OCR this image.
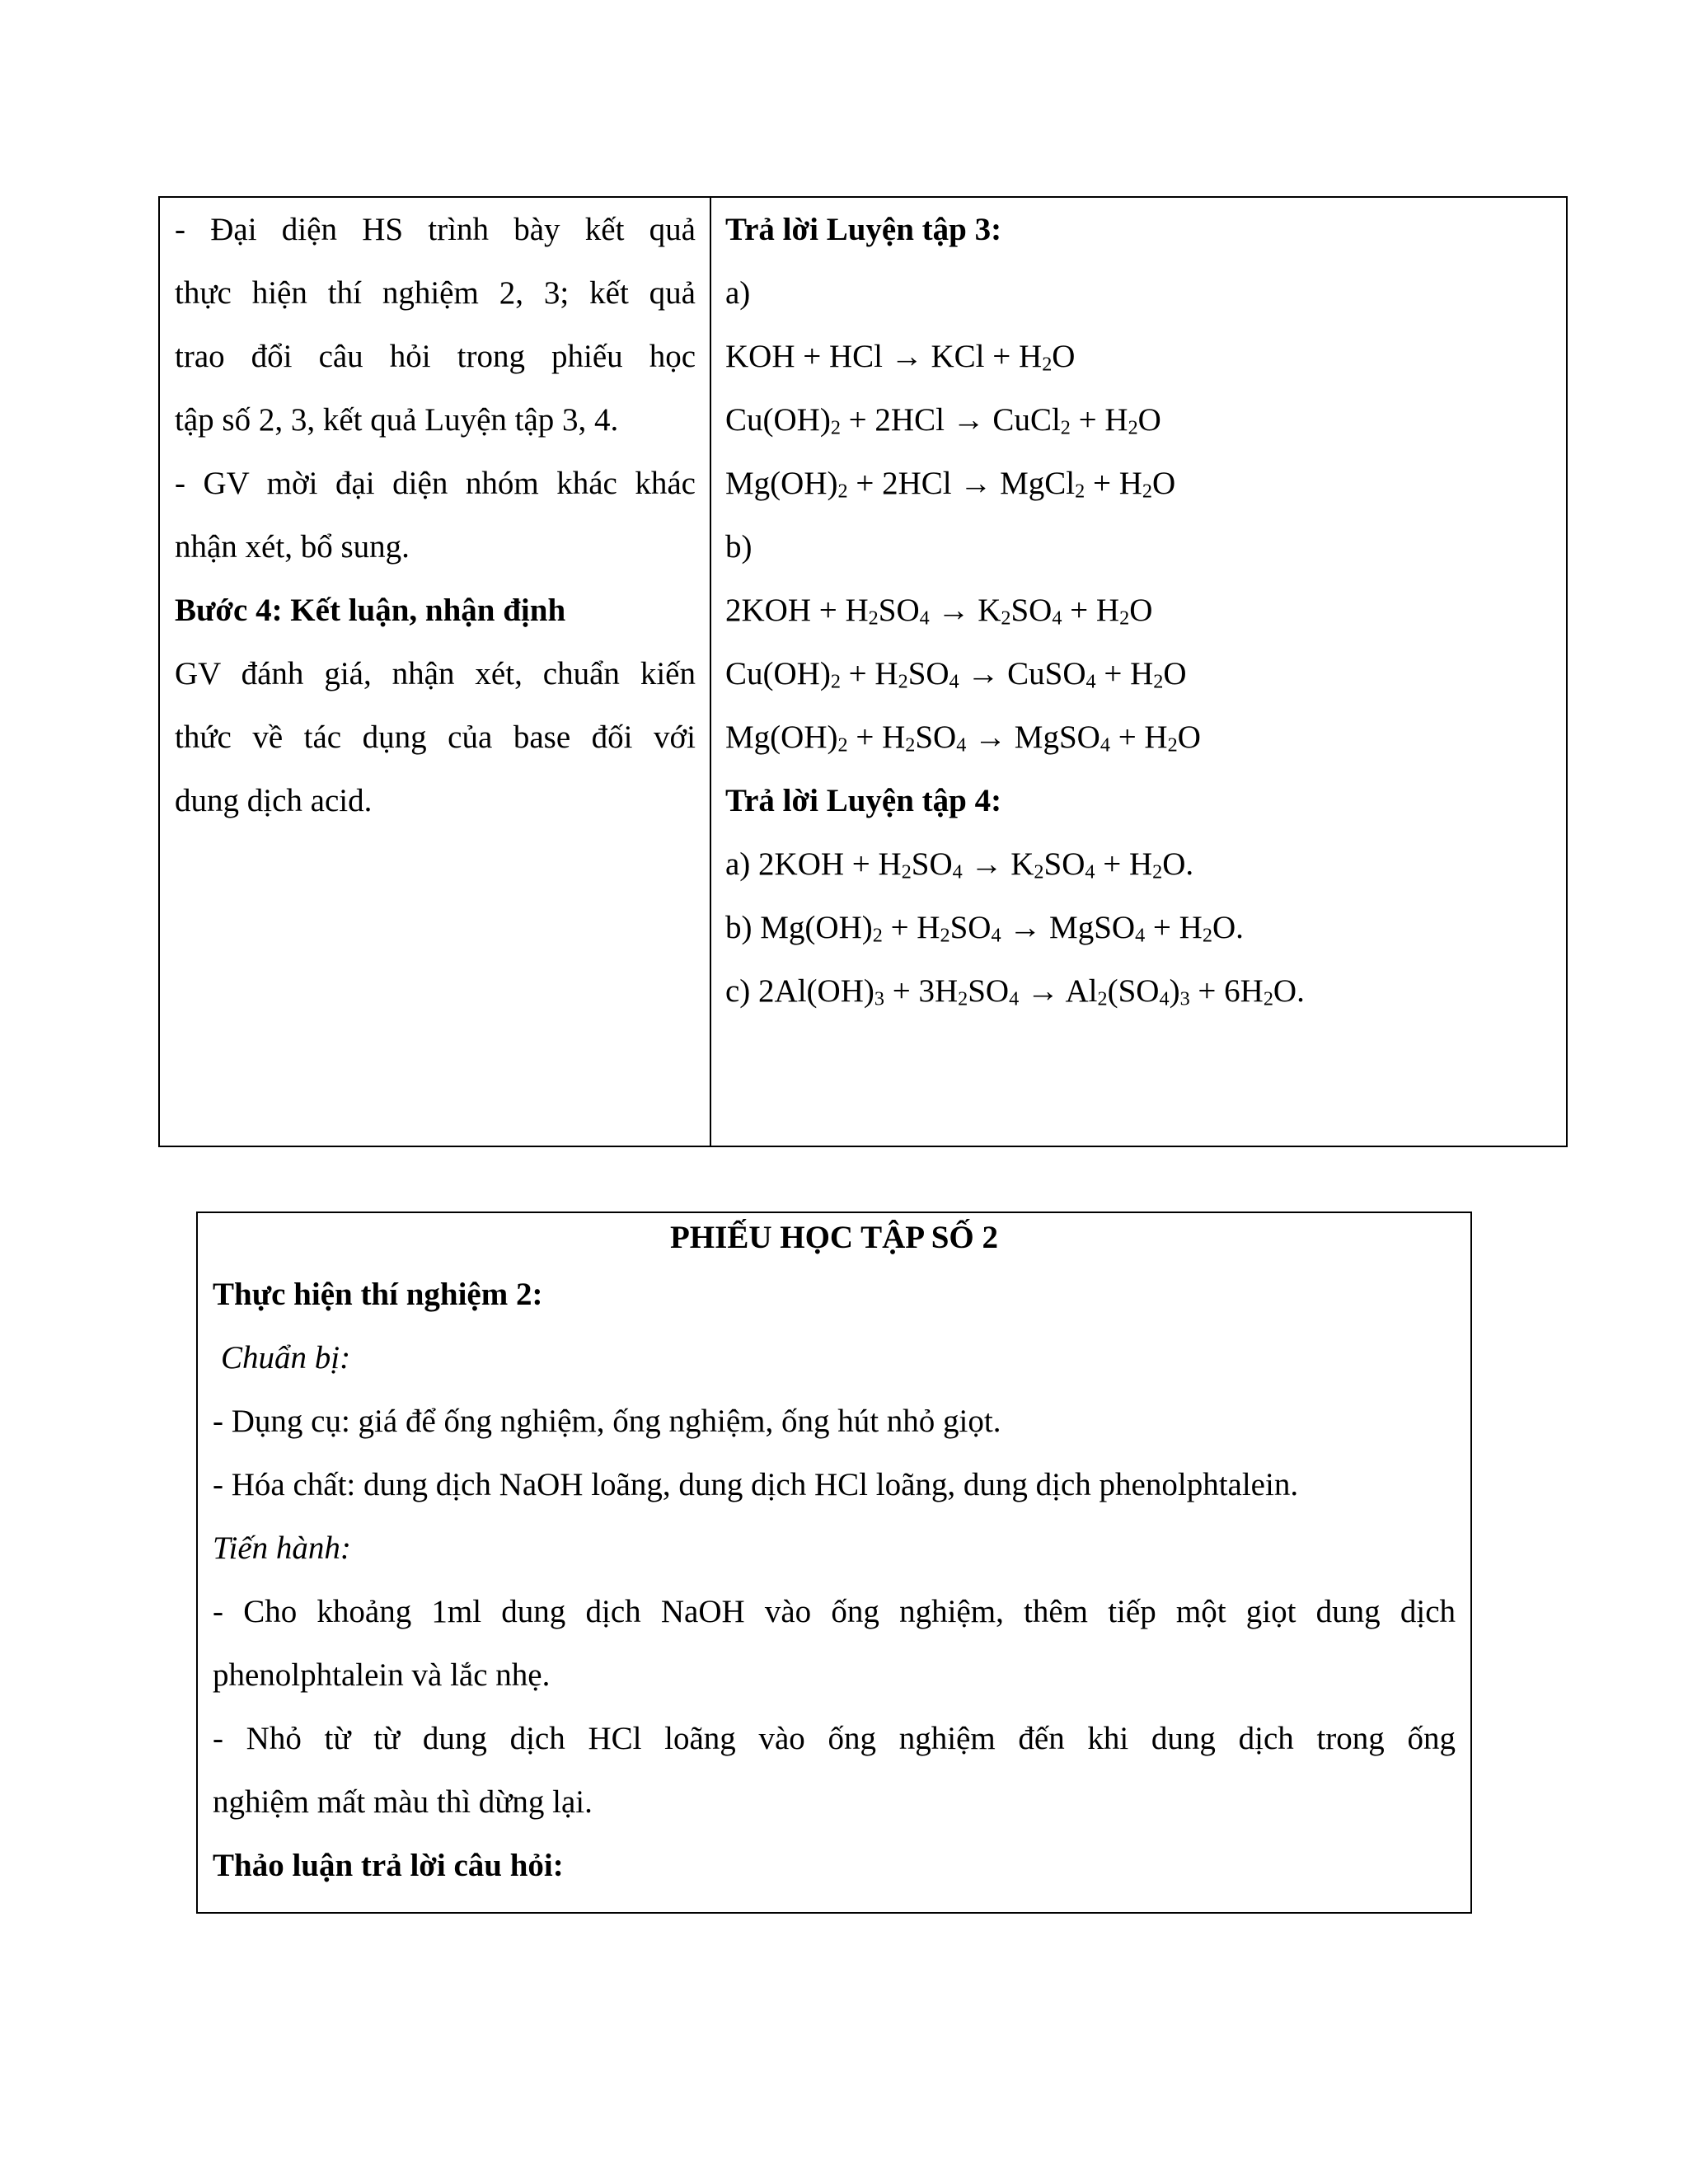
- Đại diện HS trình bày kết quả
thực hiện thí nghiệm 2, 3; kết quả
trao đổi câu hỏi trong phiếu học
tập số 2, 3, kết quả Luyện tập 3, 4.
- GV mời đại diện nhóm khác khác
nhận xét, bổ sung.
Bước 4: Kết luận, nhận định
GV đánh giá, nhận xét, chuẩn kiến
thức về tác dụng của base đối với
dung dịch acid.
Trả lời Luyện tập 3:
a)
KOH + HCl → KCl + $H_2O$
$Cu(OH)_2 + 2HCl$ → CuCl$_2$ + $H_2O$
$Mg(OH)_2 + 2HCl$ → MgCl$_2$ + $H_2O$
b)
$2KOH + H_2SO_4 \to K_2SO_4 + H_2O$
$Cu(OH)_2 + H_2SO_4$ → CuSO$_4$ + $H_2O$
$Mg(OH)_2 + H_2SO_4$ → MgSO$_4$ + $H_2O$
Trả lời Luyện tập 4:
a) $2KOH + H_2SO_4 \to K_2SO_4 + H_2O$.
b) $Mg(OH)_2 + H_2SO_4$ → MgSO$_4$ + $H_2O$.
c) $2Al(OH)_3 + 3H_2SO_4 \to Al_2(SO_4)_3 + 6H_2O$.
PHIẾU HỌC TẬP SỐ 2
Thực hiện thí nghiệm 2:
Chuẩn bị:
- Dụng cụ: giá để ống nghiệm, ống nghiệm, ống hút nhỏ giọt.
- Hóa chất: dung dịch NaOH loãng, dung dịch HCl loãng, dung dịch phenolphtalein.
Tiến hành:
- Cho khoảng 1ml dung dịch NaOH vào ống nghiệm, thêm tiếp một giọt dung dịch
phenolphtalein và lắc nhẹ.
- Nhỏ từ từ dung dịch HCl loãng vào ống nghiệm đến khi dung dịch trong ống
nghiệm mất màu thì dừng lại.
Thảo luận trả lời câu hỏi:
